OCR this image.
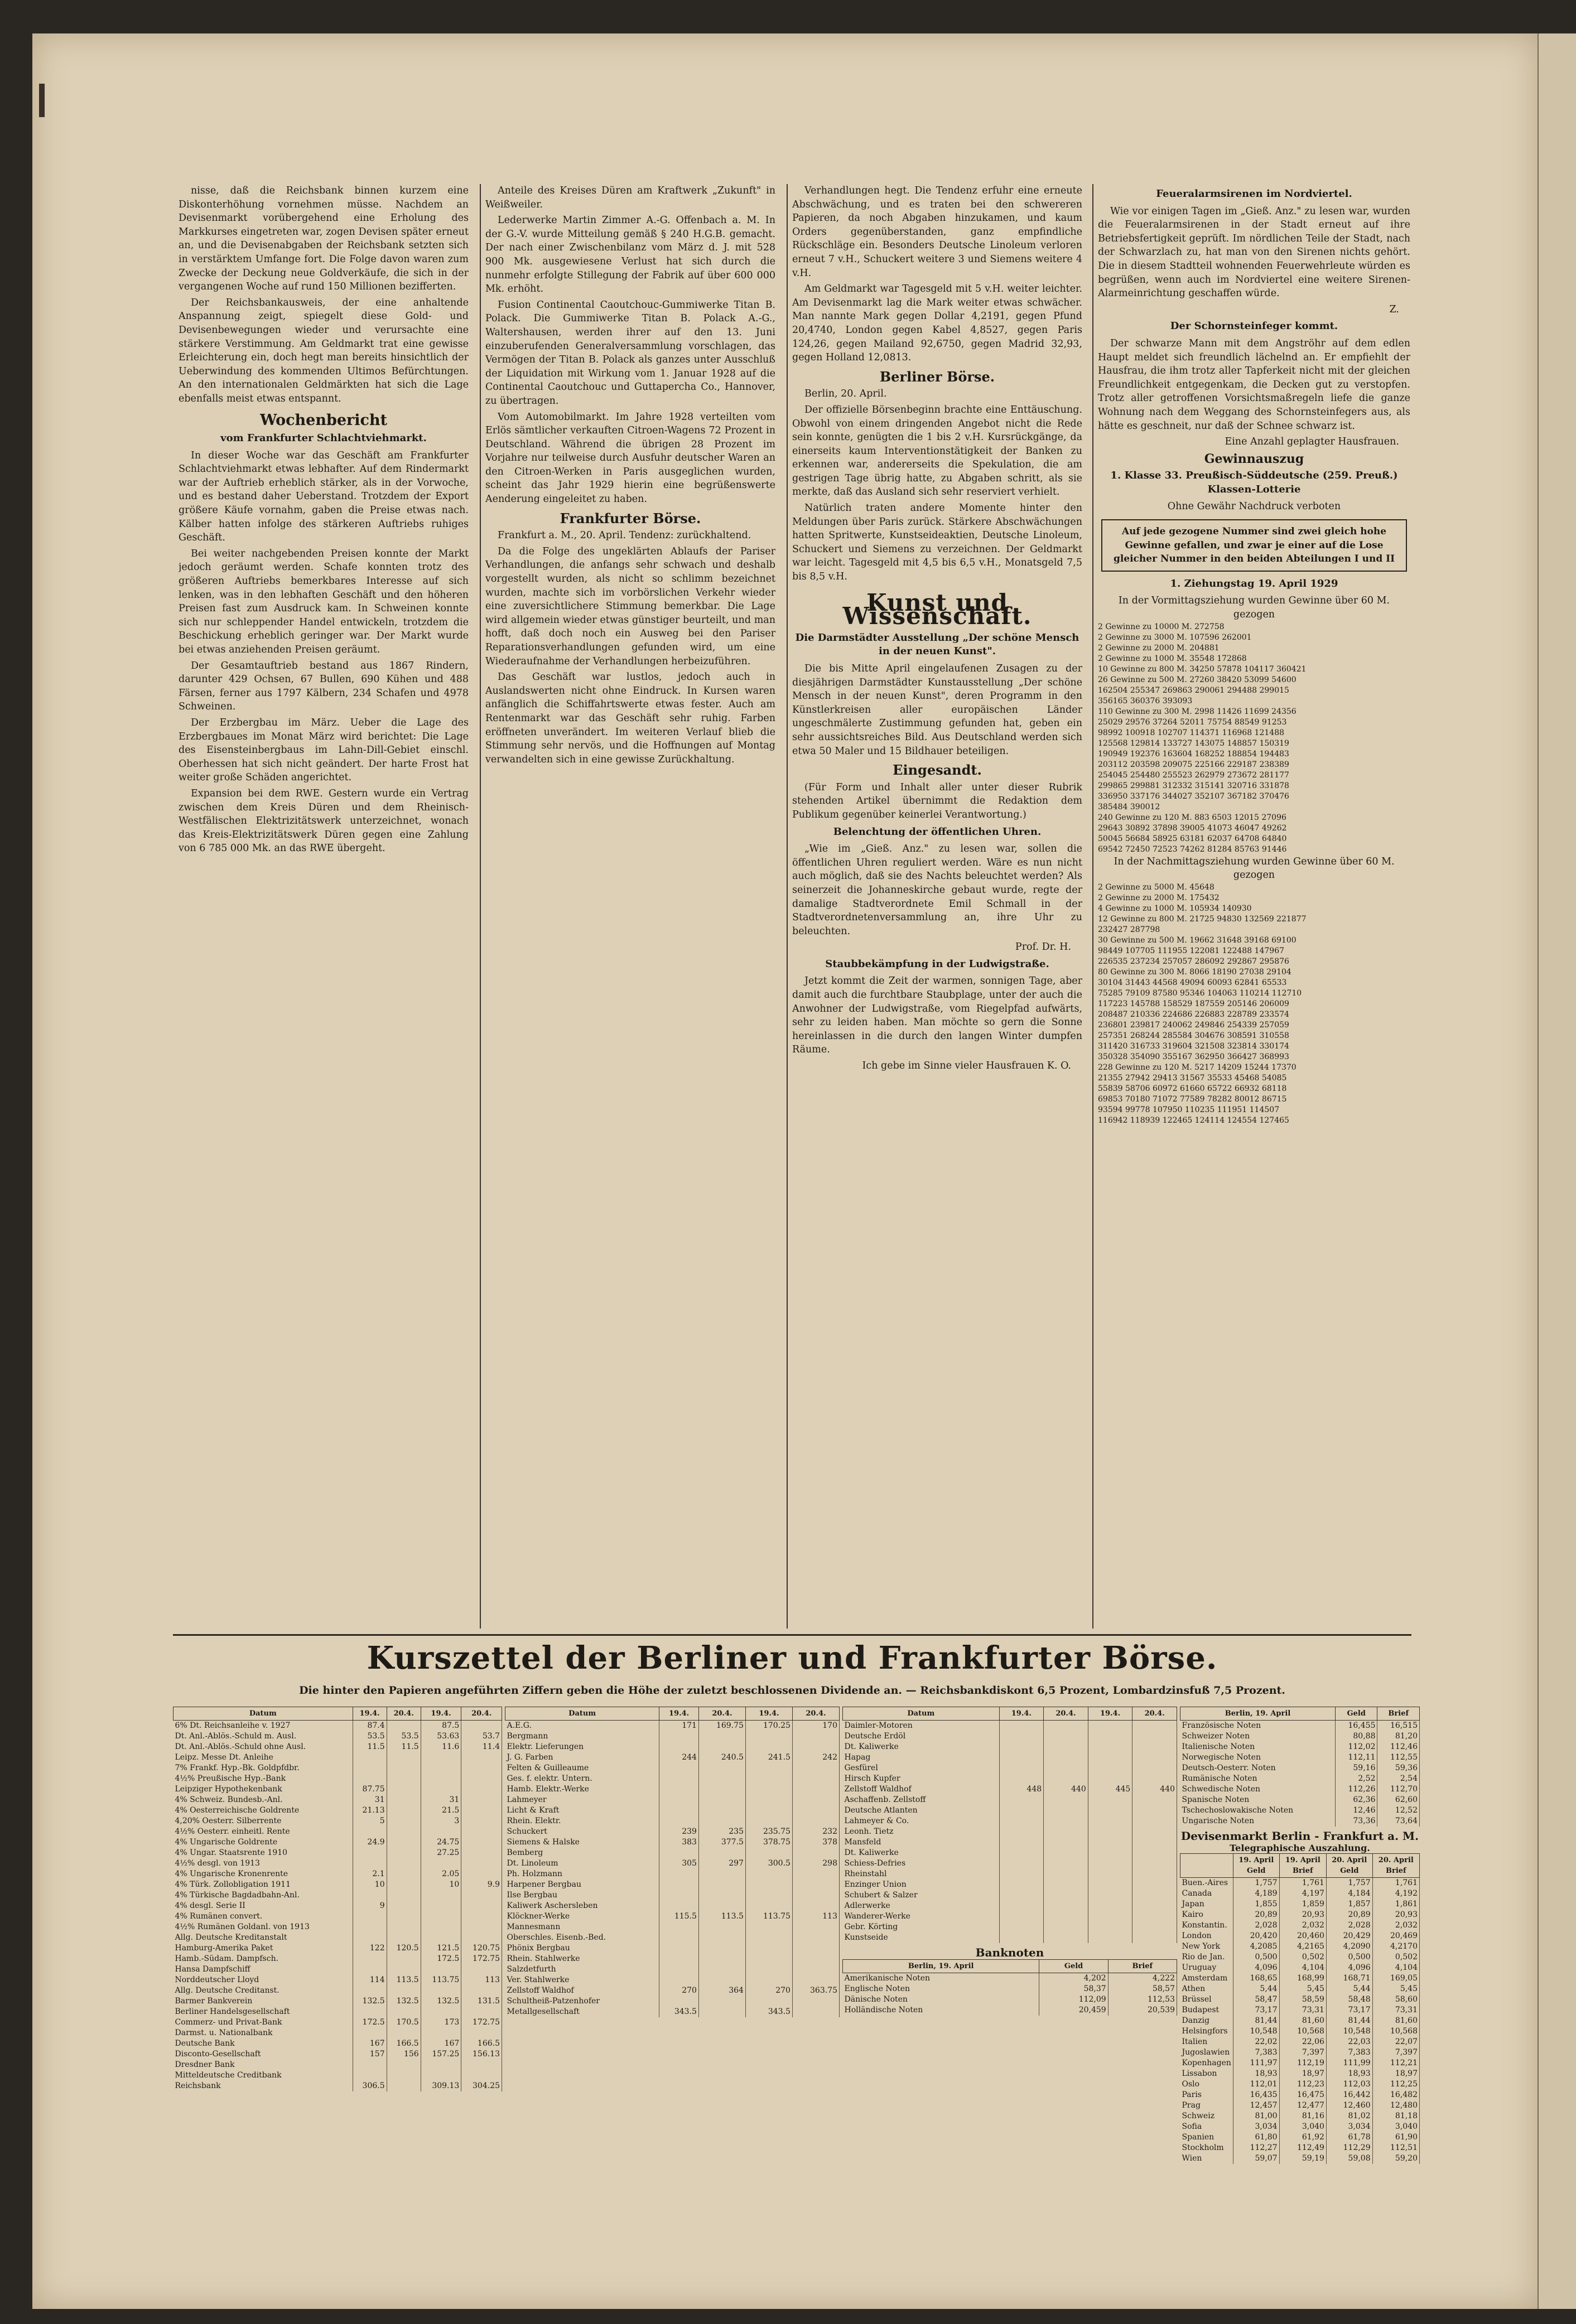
nisse, daß die Reichsbank binnen kurzem eine Diskonterhöhung vornehmen müsse. Nachdem an Devisenmarkt vorübergehend eine Erholung des Markkurses eingetreten war, zogen Devisen später erneut an, und die Devisenabgaben der Reichsbank setzten sich in verstärktem Umfange fort. Die Folge davon waren zum Zwecke der Deckung neue Goldverkäufe, die sich in der vergangenen Woche auf rund 150 Millionen bezifferten.

Der Reichsbankausweis, der eine anhaltende Anspannung zeigt, spiegelt diese Gold- und Devisenbewegungen wieder und verursachte eine stärkere Verstimmung. Am Geldmarkt trat eine gewisse Erleichterung ein, doch hegt man bereits hinsichtlich der Ueberwindung des kommenden Ultimos Befürchtungen. An den internationalen Geldmärkten hat sich die Lage ebenfalls meist etwas entspannt.

Wochenbericht
vom Frankfurter Schlachtviehmarkt.

In dieser Woche war das Geschäft am Frankfurter Schlachtviehmarkt etwas lebhafter. Auf dem Rindermarkt war der Auftrieb erheblich stärker, als in der Vorwoche, und es bestand daher Ueberstand. Trotzdem der Export größere Käufe vornahm, gaben die Preise etwas nach. Kälber hatten infolge des stärkeren Auftriebs ruhiges Geschäft.

Bei weiter nachgebenden Preisen konnte der Markt jedoch geräumt werden. Schafe konnten trotz des größeren Auftriebs bemerkbares Interesse auf sich lenken, was in den lebhaften Geschäft und den höheren Preisen fast zum Ausdruck kam. In Schweinen konnte sich nur schleppender Handel entwickeln, trotzdem die Beschickung erheblich geringer war. Der Markt wurde bei etwas anziehenden Preisen geräumt.

Der Gesamtauftrieb bestand aus 1867 Rindern, darunter 429 Ochsen, 67 Bullen, 690 Kühen und 488 Färsen, ferner aus 1797 Kälbern, 234 Schafen und 4978 Schweinen.

Der Erzbergbau im März. Ueber die Lage des Erzbergbaues im Monat März wird berichtet: Die Lage des Eisensteinbergbaus im Lahn-Dill-Gebiet einschl. Oberhessen hat sich nicht geändert. Der harte Frost hat weiter große Schäden angerichtet.

Expansion bei dem RWE. Gestern wurde ein Vertrag zwischen dem Kreis Düren und dem Rheinisch-Westfälischen Elektrizitätswerk unterzeichnet, wonach das Kreis-Elektrizitätswerk Düren gegen eine Zahlung von 6 785 000 Mk. an das RWE übergeht.

Anteile des Kreises Düren am Kraftwerk „Zukunft" in Weißweiler.

Lederwerke Martin Zimmer A.-G. Offenbach a. M. In der G.-V. wurde Mitteilung gemäß § 240 H.G.B. gemacht. Der nach einer Zwischenbilanz vom März d. J. mit 528 900 Mk. ausgewiesene Verlust hat sich durch die nunmehr erfolgte Stillegung der Fabrik auf über 600 000 Mk. erhöht.

Fusion Continental Caoutchouc-Gummiwerke Titan B. Polack. Die Gummiwerke Titan B. Polack A.-G., Waltershausen, werden ihrer auf den 13. Juni einzuberufenden Generalversammlung vorschlagen, das Vermögen der Titan B. Polack als ganzes unter Ausschluß der Liquidation mit Wirkung vom 1. Januar 1928 auf die Continental Caoutchouc und Guttapercha Co., Hannover, zu übertragen.

Vom Automobilmarkt. Im Jahre 1928 verteilten vom Erlös sämtlicher verkauften Citroen-Wagens 72 Prozent in Deutschland. Während die übrigen 28 Prozent im Vorjahre nur teilweise durch Ausfuhr deutscher Waren an den Citroen-Werken in Paris ausgeglichen wurden, scheint das Jahr 1929 hierin eine begrüßenswerte Aenderung eingeleitet zu haben.

Frankfurter Börse.

Frankfurt a. M., 20. April. Tendenz: zurückhaltend.

Da die Folge des ungeklärten Ablaufs der Pariser Verhandlungen, die anfangs sehr schwach und deshalb vorgestellt wurden, als nicht so schlimm bezeichnet wurden, machte sich im vorbörslichen Verkehr wieder eine zuversichtlichere Stimmung bemerkbar. Die Lage wird allgemein wieder etwas günstiger beurteilt, und man hofft, daß doch noch ein Ausweg bei den Pariser Reparationsverhandlungen gefunden wird, um eine Wiederaufnahme der Verhandlungen herbeizuführen.

Das Geschäft war lustlos, jedoch auch in Auslandswerten nicht ohne Eindruck. In Kursen waren anfänglich die Schiffahrtswerte etwas fester. Auch am Rentenmarkt war das Geschäft sehr ruhig. Farben eröffneten unverändert. Im weiteren Verlauf blieb die Stimmung sehr nervös, und die Hoffnungen auf Montag verwandelten sich in eine gewisse Zurückhaltung.

Verhandlungen hegt. Die Tendenz erfuhr eine erneute Abschwächung, und es traten bei den schwereren Papieren, da noch Abgaben hinzukamen, und kaum Orders gegenüberstanden, ganz empfindliche Rückschläge ein. Besonders Deutsche Linoleum verloren erneut 7 v.H., Schuckert weitere 3 und Siemens weitere 4 v.H.

Am Geldmarkt war Tagesgeld mit 5 v.H. weiter leichter. Am Devisenmarkt lag die Mark weiter etwas schwächer. Man nannte Mark gegen Dollar 4,2191, gegen Pfund 20,4740, London gegen Kabel 4,8527, gegen Paris 124,26, gegen Mailand 92,6750, gegen Madrid 32,93, gegen Holland 12,0813.

Berliner Börse.

Berlin, 20. April.

Der offizielle Börsenbeginn brachte eine Enttäuschung. Obwohl von einem dringenden Angebot nicht die Rede sein konnte, genügten die 1 bis 2 v.H. Kursrückgänge, da einerseits kaum Interventionstätigkeit der Banken zu erkennen war, andererseits die Spekulation, die am gestrigen Tage übrig hatte, zu Abgaben schritt, als sie merkte, daß das Ausland sich sehr reserviert verhielt.

Natürlich traten andere Momente hinter den Meldungen über Paris zurück. Stärkere Abschwächungen hatten Spritwerte, Kunstseideaktien, Deutsche Linoleum, Schuckert und Siemens zu verzeichnen. Der Geldmarkt war leicht. Tagesgeld mit 4,5 bis 6,5 v.H., Monatsgeld 7,5 bis 8,5 v.H.

Kunst und Wissenschaft.
Die Darmstädter Ausstellung „Der schöne Mensch in der neuen Kunst".

Die bis Mitte April eingelaufenen Zusagen zu der diesjährigen Darmstädter Kunstausstellung „Der schöne Mensch in der neuen Kunst", deren Programm in den Künstlerkreisen aller europäischen Länder ungeschmälerte Zustimmung gefunden hat, geben ein sehr aussichtsreiches Bild. Aus Deutschland werden sich etwa 50 Maler und 15 Bildhauer beteiligen.

Eingesandt.

(Für Form und Inhalt aller unter dieser Rubrik stehenden Artikel übernimmt die Redaktion dem Publikum gegenüber keinerlei Verantwortung.)

Belenchtung der öffentlichen Uhren.

„Wie im „Gieß. Anz." zu lesen war, sollen die öffentlichen Uhren reguliert werden. Wäre es nun nicht auch möglich, daß sie des Nachts beleuchtet werden? Als seinerzeit die Johanneskirche gebaut wurde, regte der damalige Stadtverordnete Emil Schmall in der Stadtverordnetenversammlung an, ihre Uhr zu beleuchten.

Prof. Dr. H.
Staubbekämpfung in der Ludwigstraße.

Jetzt kommt die Zeit der warmen, sonnigen Tage, aber damit auch die furchtbare Staubplage, unter der auch die Anwohner der Ludwigstraße, vom Riegelpfad aufwärts, sehr zu leiden haben. Man möchte so gern die Sonne hereinlassen in die durch den langen Winter dumpfen Räume.

Ich gebe im Sinne vieler Hausfrauen K. O.
Feueralarmsirenen im Nordviertel.

Wie vor einigen Tagen im „Gieß. Anz." zu lesen war, wurden die Feueralarmsirenen in der Stadt erneut auf ihre Betriebsfertigkeit geprüft. Im nördlichen Teile der Stadt, nach der Schwarzlach zu, hat man von den Sirenen nichts gehört. Die in diesem Stadtteil wohnenden Feuerwehrleute würden es begrüßen, wenn auch im Nordviertel eine weitere Sirenen-Alarmeinrichtung geschaffen würde.

Z.
Der Schornsteinfeger kommt.

Der schwarze Mann mit dem Angströhr auf dem edlen Haupt meldet sich freundlich lächelnd an. Er empfiehlt der Hausfrau, die ihm trotz aller Tapferkeit nicht mit der gleichen Freundlichkeit entgegenkam, die Decken gut zu verstopfen. Trotz aller getroffenen Vorsichtsmaßregeln liefe die ganze Wohnung nach dem Weggang des Schornsteinfegers aus, als hätte es geschneit, nur daß der Schnee schwarz ist.

Eine Anzahl geplagter Hausfrauen.
Gewinnauszug
1. Klasse 33. Preußisch-Süddeutsche (259. Preuß.) Klassen-Lotterie
Ohne Gewähr Nachdruck verboten
Auf jede gezogene Nummer sind zwei gleich hohe Gewinne gefallen, und zwar je einer auf die Lose gleicher Nummer in den beiden Abteilungen I und II
1. Ziehungstag 19. April 1929
In der Vormittagsziehung wurden Gewinne über 60 M. gezogen
2 Gewinne zu 10000 M. 272758
2 Gewinne zu 3000 M. 107596 262001
2 Gewinne zu 2000 M. 204881
2 Gewinne zu 1000 M. 35548 172868
10 Gewinne zu 800 M. 34250 57878 104117 360421
26 Gewinne zu 500 M. 27260 38420 53099 54600
162504 255347 269863 290061 294488 299015
356165 360376 393093
110 Gewinne zu 300 M. 2998 11426 11699 24356
25029 29576 37264 52011 75754 88549 91253
98992 100918 102707 114371 116968 121488
125568 129814 133727 143075 148857 150319
190949 192376 163604 168252 188854 194483
203112 203598 209075 225166 229187 238389
254045 254480 255523 262979 273672 281177
299865 299881 312332 315141 320716 331878
336950 337176 344027 352107 367182 370476
385484 390012
240 Gewinne zu 120 M. 883 6503 12015 27096
29643 30892 37898 39005 41073 46047 49262
50045 56684 58925 63181 62037 64708 64840
69542 72450 72523 74262 81284 85763 91446
In der Nachmittagsziehung wurden Gewinne über 60 M. gezogen
2 Gewinne zu 5000 M. 45648
2 Gewinne zu 2000 M. 175432
4 Gewinne zu 1000 M. 105934 140930
12 Gewinne zu 800 M. 21725 94830 132569 221877
232427 287798
30 Gewinne zu 500 M. 19662 31648 39168 69100
98449 107705 111955 122081 122488 147967
226535 237234 257057 286092 292867 295876
80 Gewinne zu 300 M. 8066 18190 27038 29104
30104 31443 44568 49094 60093 62841 65533
75285 79109 87580 95346 104063 110214 112710
117223 145788 158529 187559 205146 206009
208487 210336 224686 226883 228789 233574
236801 239817 240062 249846 254339 257059
257351 268244 285584 304676 308591 310558
311420 316733 319604 321508 323814 330174
350328 354090 355167 362950 366427 368993
228 Gewinne zu 120 M. 5217 14209 15244 17370
21355 27942 29413 31567 35533 45468 54085
55839 58706 60972 61660 65722 66932 68118
69853 70180 71072 77589 78282 80012 86715
93594 99778 107950 110235 111951 114507
116942 118939 122465 124114 124554 127465
Kurszettel der Berliner und Frankfurter Börse.
Die hinter den Papieren angeführten Ziffern geben die Höhe der zuletzt beschlossenen Dividende an. — Reichsbankdiskont 6,5 Prozent, Lombardzinsfuß 7,5 Prozent.
Datum	19.4.	20.4.	19.4.	20.4.
6% Dt. Reichsanleihe v. 1927	87.4		87.5	
Dt. Anl.-Ablös.-Schuld m. Ausl.	53.5	53.5	53.63	53.7
Dt. Anl.-Ablös.-Schuld ohne Ausl.	11.5	11.5	11.6	11.4
Leipz. Messe Dt. Anleihe				
7% Frankf. Hyp.-Bk. Goldpfdbr.				
4½% Preußische Hyp.-Bank				
Leipziger Hypothekenbank	87.75			
4% Schweiz. Bundesb.-Anl.	31		31	
4% Oesterreichische Goldrente	21.13		21.5	
4,20% Oesterr. Silberrente	5		3	
4½% Oesterr. einheitl. Rente				
4% Ungarische Goldrente	24.9		24.75	
4% Ungar. Staatsrente 1910			27.25	
4½% desgl. von 1913				
4% Ungarische Kronenrente	2.1		2.05	
4% Türk. Zollobligation 1911	10		10	9.9
4% Türkische Bagdadbahn-Anl.				
4% desgl. Serie II	9			
4% Rumänen convert.				
4½% Rumänen Goldanl. von 1913				
Allg. Deutsche Kreditanstalt				
Hamburg-Amerika Paket	122	120.5	121.5	120.75
Hamb.-Südam. Dampfsch.			172.5	172.75
Hansa Dampfschiff				
Norddeutscher Lloyd	114	113.5	113.75	113
Allg. Deutsche Creditanst.				
Barmer Bankverein	132.5	132.5	132.5	131.5
Berliner Handelsgesellschaft				
Commerz- und Privat-Bank	172.5	170.5	173	172.75
Darmst. u. Nationalbank				
Deutsche Bank	167	166.5	167	166.5
Disconto-Gesellschaft	157	156	157.25	156.13
Dresdner Bank				
Mitteldeutsche Creditbank				
Reichsbank	306.5		309.13	304.25
Datum	19.4.	20.4.	19.4.	20.4.
A.E.G.	171	169.75	170.25	170
Bergmann				
Elektr. Lieferungen				
J. G. Farben	244	240.5	241.5	242
Felten & Guilleaume				
Ges. f. elektr. Untern.				
Hamb. Elektr.-Werke				
Lahmeyer				
Licht & Kraft				
Rhein. Elektr.				
Schuckert	239	235	235.75	232
Siemens & Halske	383	377.5	378.75	378
Bemberg				
Dt. Linoleum	305	297	300.5	298
Ph. Holzmann				
Harpener Bergbau				
Ilse Bergbau				
Kaliwerk Aschersleben				
Klöckner-Werke	115.5	113.5	113.75	113
Mannesmann				
Oberschles. Eisenb.-Bed.				
Phönix Bergbau				
Rhein. Stahlwerke				
Salzdetfurth				
Ver. Stahlwerke				
Zellstoff Waldhof	270	364	270	363.75
Schultheiß-Patzenhofer				
Metallgesellschaft	343.5		343.5	
Datum	19.4.	20.4.	19.4.	20.4.
Daimler-Motoren				
Deutsche Erdöl				
Dt. Kaliwerke				
Hapag				
Gesfürel				
Hirsch Kupfer				
Zellstoff Waldhof	448	440	445	440
Aschaffenb. Zellstoff				
Deutsche Atlanten				
Lahmeyer & Co.				
Leonh. Tietz				
Mansfeld				
Dt. Kaliwerke				
Schiess-Defries				
Rheinstahl				
Enzinger Union				
Schubert & Salzer				
Adlerwerke				
Wanderer-Werke				
Gebr. Körting				
Kunstseide				
Banknoten
Berlin, 19. April	Geld	Brief
Amerikanische Noten	4,202	4,222
Englische Noten	58,37	58,57
Dänische Noten	112,09	112,53
Holländische Noten	20,459	20,539
Berlin, 19. April	Geld	Brief
Französische Noten	16,455	16,515
Schweizer Noten	80,88	81,20
Italienische Noten	112,02	112,46
Norwegische Noten	112,11	112,55
Deutsch-Oesterr. Noten	59,16	59,36
Rumänische Noten	2,52	2,54
Schwedische Noten	112,26	112,70
Spanische Noten	62,36	62,60
Tschechoslowakische Noten	12,46	12,52
Ungarische Noten	73,36	73,64
Devisenmarkt Berlin - Frankfurt a. M.
Telegraphische Auszahlung.
	19. April Geld	19. April Brief	20. April Geld	20. April Brief
Buen.-Aires	1,757	1,761	1,757	1,761
Canada	4,189	4,197	4,184	4,192
Japan	1,855	1,859	1,857	1,861
Kairo	20,89	20,93	20,89	20,93
Konstantin.	2,028	2,032	2,028	2,032
London	20,420	20,460	20,429	20,469
New York	4,2085	4,2165	4,2090	4,2170
Rio de Jan.	0,500	0,502	0,500	0,502
Uruguay	4,096	4,104	4,096	4,104
Amsterdam	168,65	168,99	168,71	169,05
Athen	5,44	5,45	5,44	5,45
Brüssel	58,47	58,59	58,48	58,60
Budapest	73,17	73,31	73,17	73,31
Danzig	81,44	81,60	81,44	81,60
Helsingfors	10,548	10,568	10,548	10,568
Italien	22,02	22,06	22,03	22,07
Jugoslawien	7,383	7,397	7,383	7,397
Kopenhagen	111,97	112,19	111,99	112,21
Lissabon	18,93	18,97	18,93	18,97
Oslo	112,01	112,23	112,03	112,25
Paris	16,435	16,475	16,442	16,482
Prag	12,457	12,477	12,460	12,480
Schweiz	81,00	81,16	81,02	81,18
Sofia	3,034	3,040	3,034	3,040
Spanien	61,80	61,92	61,78	61,90
Stockholm	112,27	112,49	112,29	112,51
Wien	59,07	59,19	59,08	59,20
